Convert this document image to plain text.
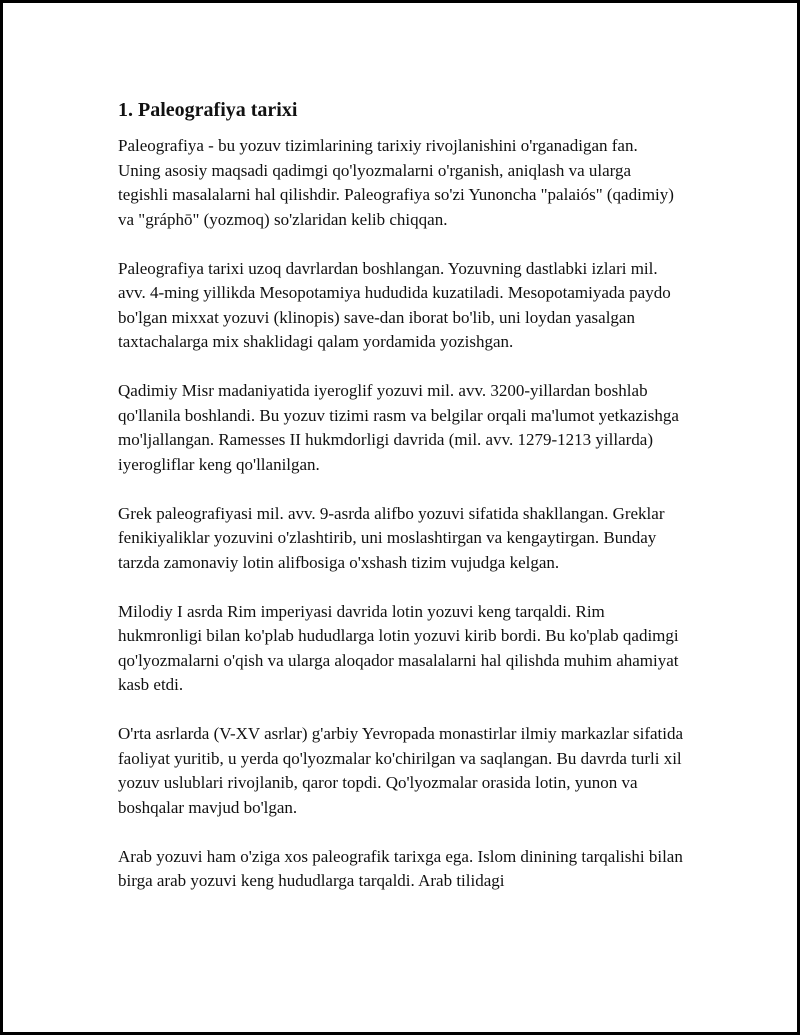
1. Paleografiya tarixi

Paleografiya - bu yozuv tizimlarining tarixiy rivojlanishini o'rganadigan fan. Uning asosiy maqsadi qadimgi qo'lyozmalarni o'rganish, aniqlash va ularga tegishli masalalarni hal qilishdir. Paleografiya so'zi Yunoncha "palaiós" (qadimiy) va "gráphō" (yozmoq) so'zlaridan kelib chiqqan.

Paleografiya tarixi uzoq davrlardan boshlangan. Yozuvning dastlabki izlari mil. avv. 4-ming yillikda Mesopotamiya hududida kuzatiladi. Mesopotamiyada paydo bo'lgan mixxat yozuvi (klinopis) save-dan iborat bo'lib, uni loydan yasalgan taxtachalarga mix shaklidagi qalam yordamida yozishgan.

Qadimiy Misr madaniyatida iyeroglif yozuvi mil. avv. 3200-yillardan boshlab qo'llanila boshlandi. Bu yozuv tizimi rasm va belgilar orqali ma'lumot yetkazishga mo'ljallangan. Ramesses II hukmdorligi davrida (mil. avv. 1279-1213 yillarda) iyerogliflar keng qo'llanilgan.

Grek paleografiyasi mil. avv. 9-asrda alifbo yozuvi sifatida shakllangan. Greklar fenikiyaliklar yozuvini o'zlashtirib, uni moslashtirgan va kengaytirgan. Bunday tarzda zamonaviy lotin alifbosiga o'xshash tizim vujudga kelgan.

Milodiy I asrda Rim imperiyasi davrida lotin yozuvi keng tarqaldi. Rim hukmronligi bilan ko'plab hududlarga lotin yozuvi kirib bordi. Bu ko'plab qadimgi qo'lyozmalarni o'qish va ularga aloqador masalalarni hal qilishda muhim ahamiyat kasb etdi.

O'rta asrlarda (V-XV asrlar) g'arbiy Yevropada monastirlar ilmiy markazlar sifatida faoliyat yuritib, u yerda qo'lyozmalar ko'chirilgan va saqlangan. Bu davrda turli xil yozuv uslublari rivojlanib, qaror topdi. Qo'lyozmalar orasida lotin, yunon va boshqalar mavjud bo'lgan.

Arab yozuvi ham o'ziga xos paleografik tarixga ega. Islom dinining tarqalishi bilan birga arab yozuvi keng hududlarga tarqaldi. Arab tilidagi
